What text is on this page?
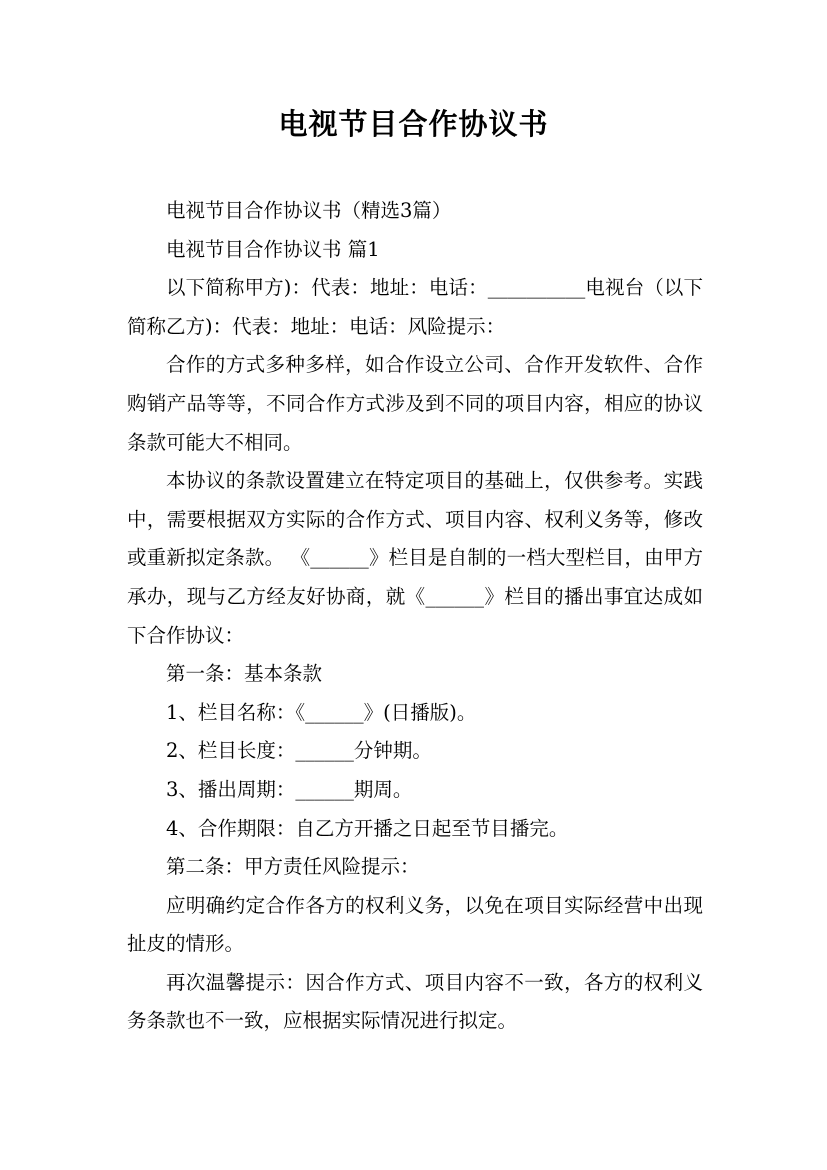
电视节目合作协议书

电视节目合作协议书（精选3篇）

电视节目合作协议书 篇1

以下简称甲方)：代表：地址：电话：__________电视台（以下简称乙方)：代表：地址：电话：风险提示：

合作的方式多种多样，如合作设立公司、合作开发软件、合作购销产品等等，不同合作方式涉及到不同的项目内容，相应的协议条款可能大不相同。

本协议的条款设置建立在特定项目的基础上，仅供参考。实践中，需要根据双方实际的合作方式、项目内容、权利义务等，修改或重新拟定条款。 《______》栏目是自制的一档大型栏目，由甲方承办，现与乙方经友好协商，就《______》栏目的播出事宜达成如下合作协议：

第一条：基本条款

1、栏目名称：《______》(日播版)。

2、栏目长度：______分钟期。

3、播出周期：______期周。

4、合作期限：自乙方开播之日起至节目播完。

第二条：甲方责任风险提示：

应明确约定合作各方的权利义务，以免在项目实际经营中出现扯皮的情形。

再次温馨提示：因合作方式、项目内容不一致，各方的权利义务条款也不一致，应根据实际情况进行拟定。
